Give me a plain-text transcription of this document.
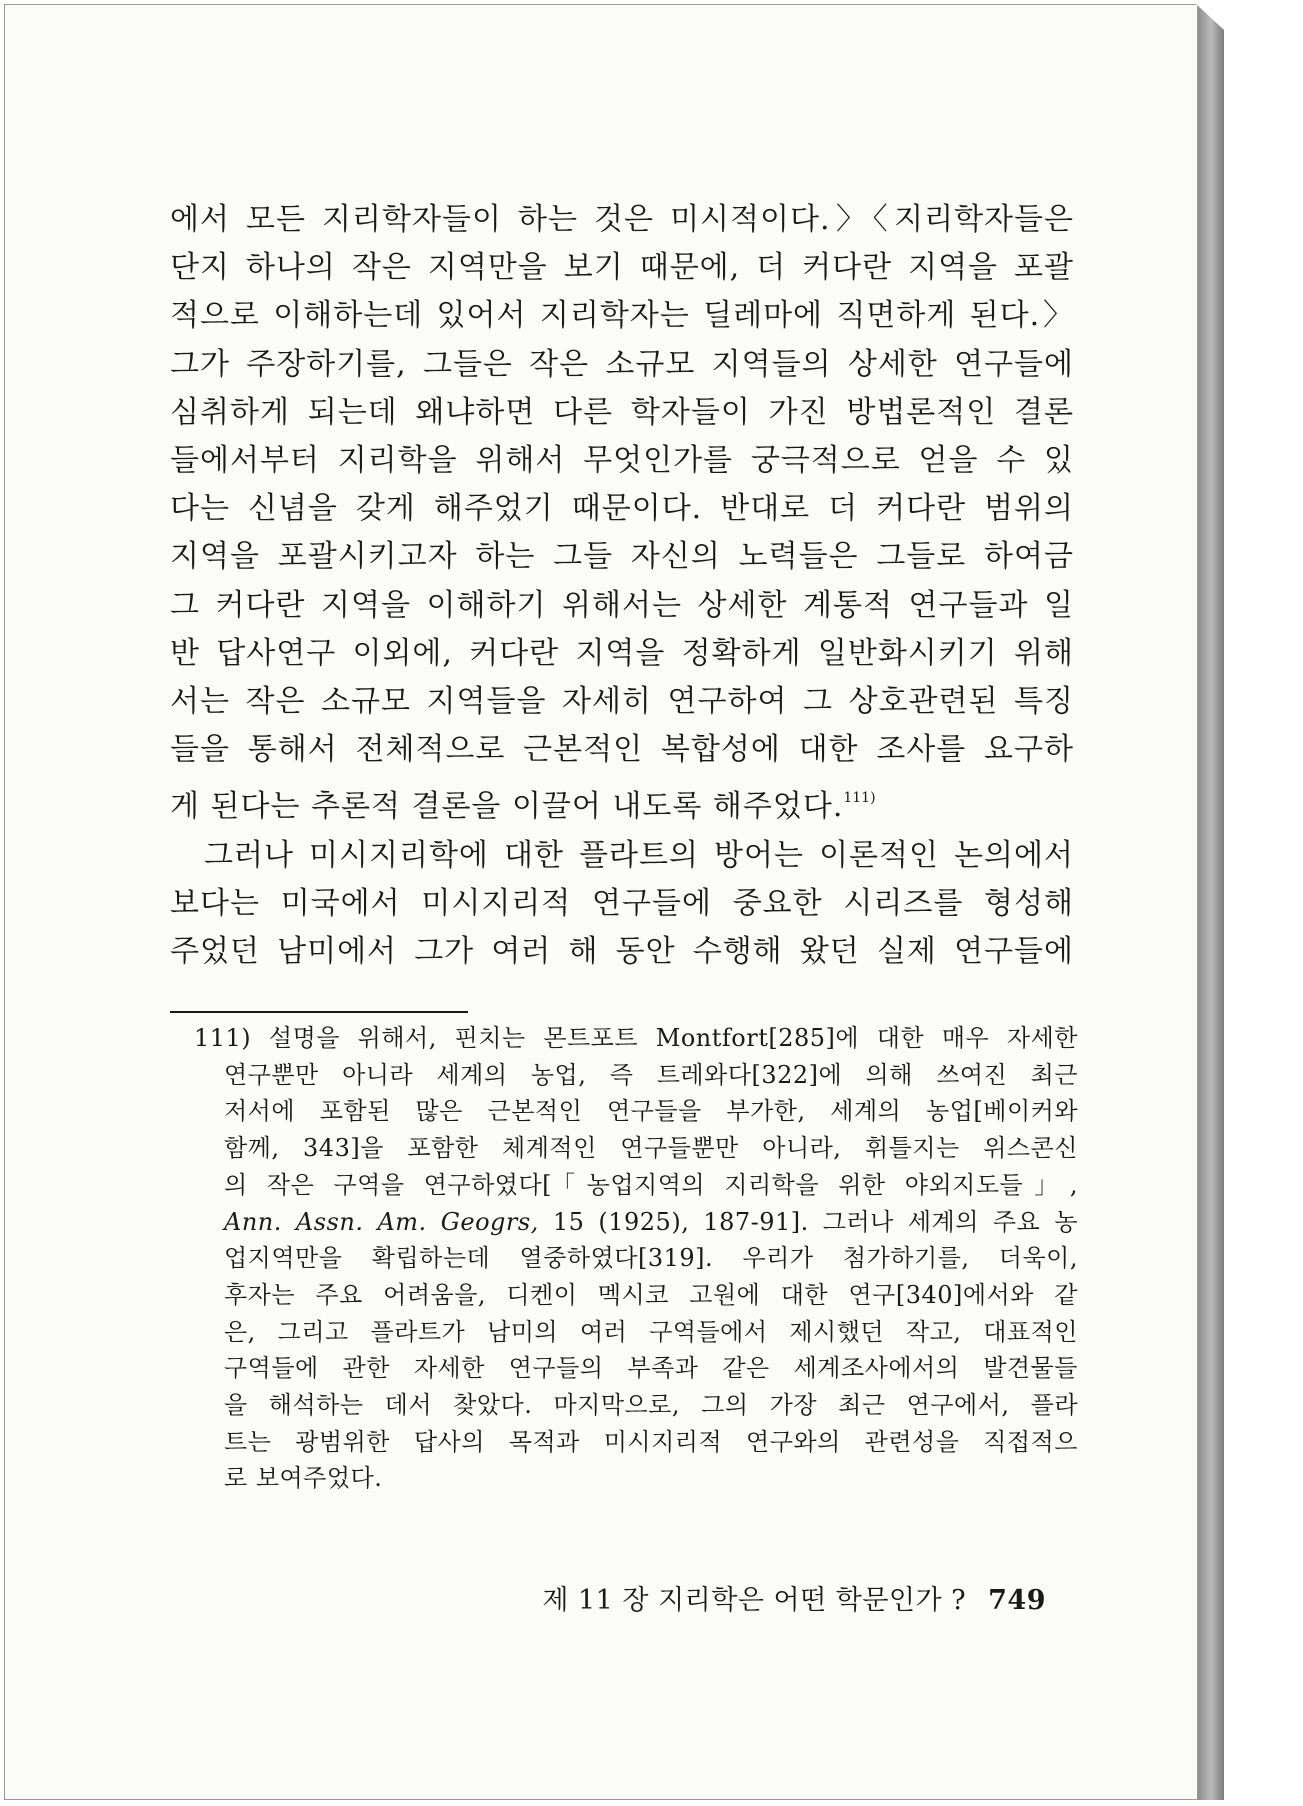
에서 모든 지리학자들이 하는 것은 미시적이다.〉〈지리학자들은
단지 하나의 작은 지역만을 보기 때문에, 더 커다란 지역을 포괄
적으로 이해하는데 있어서 지리학자는 딜레마에 직면하게 된다.〉
그가 주장하기를, 그들은 작은 소규모 지역들의 상세한 연구들에
심취하게 되는데 왜냐하면 다른 학자들이 가진 방법론적인 결론
들에서부터 지리학을 위해서 무엇인가를 궁극적으로 얻을 수 있
다는 신념을 갖게 해주었기 때문이다. 반대로 더 커다란 범위의
지역을 포괄시키고자 하는 그들 자신의 노력들은 그들로 하여금
그 커다란 지역을 이해하기 위해서는 상세한 계통적 연구들과 일
반 답사연구 이외에, 커다란 지역을 정확하게 일반화시키기 위해
서는 작은 소규모 지역들을 자세히 연구하여 그 상호관련된 특징
들을 통해서 전체적으로 근본적인 복합성에 대한 조사를 요구하
게 된다는 추론적 결론을 이끌어 내도록 해주었다.$^{111)}$
그러나 미시지리학에 대한 플라트의 방어는 이론적인 논의에서
보다는 미국에서 미시지리적 연구들에 중요한 시리즈를 형성해
주었던 남미에서 그가 여러 해 동안 수행해 왔던 실제 연구들에
111) 설명을 위해서, 핀치는 몬트포트 Montfort[285]에 대한 매우 자세한
연구뿐만 아니라 세계의 농업, 즉 트레와다[322]에 의해 쓰여진 최근
저서에 포함된 많은 근본적인 연구들을 부가한, 세계의 농업[베이커와
함께, 343]을 포함한 체계적인 연구들뿐만 아니라, 휘틀지는 위스콘신
의 작은 구역을 연구하였다[「농업지역의 지리학을 위한 야외지도들」,
Ann. Assn. Am. Geogrs, 15 (1925), 187-91]. 그러나 세계의 주요 농
업지역만을 확립하는데 열중하였다[319]. 우리가 첨가하기를, 더욱이,
후자는 주요 어려움을, 디켄이 멕시코 고원에 대한 연구[340]에서와 같
은, 그리고 플라트가 남미의 여러 구역들에서 제시했던 작고, 대표적인
구역들에 관한 자세한 연구들의 부족과 같은 세계조사에서의 발견물들
을 해석하는 데서 찾았다. 마지막으로, 그의 가장 최근 연구에서, 플라
트는 광범위한 답사의 목적과 미시지리적 연구와의 관련성을 직접적으
로 보여주었다.
제 11 장 지리학은 어떤 학문인가 ? 749
